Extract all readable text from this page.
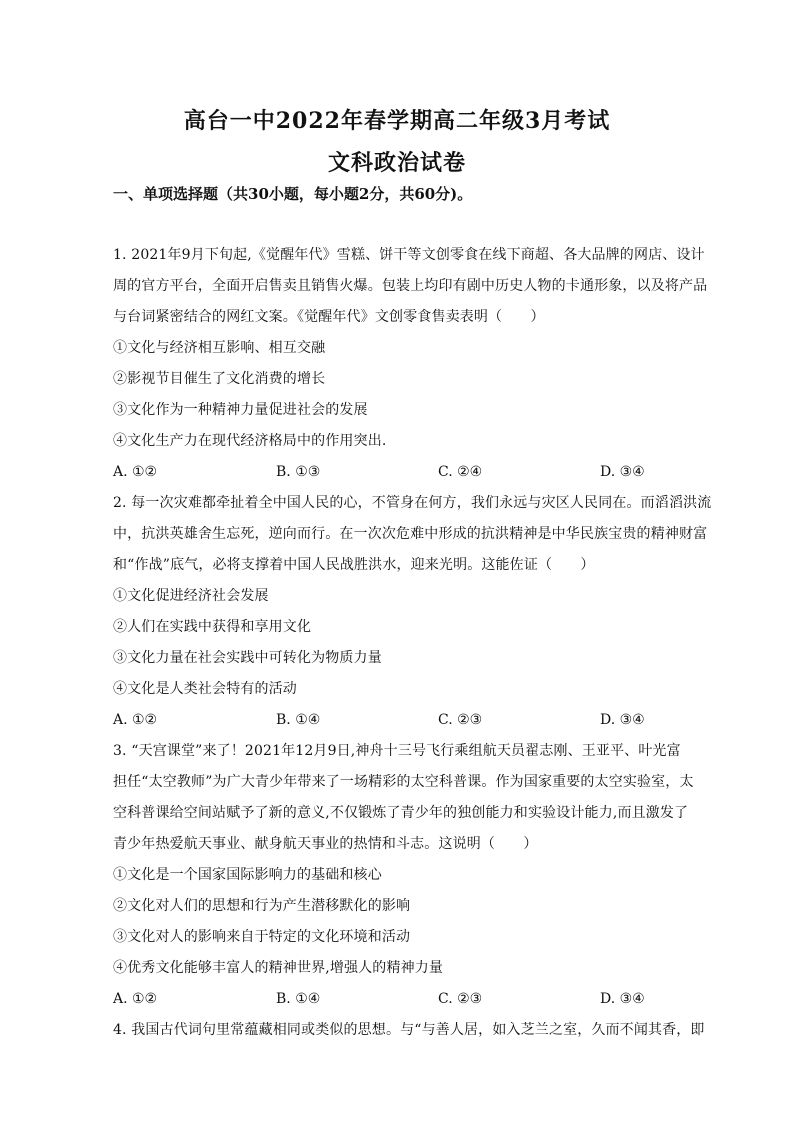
高台一中2022年春学期高二年级3月考试
文科政治试卷
一、单项选择题（共30小题，每小题2分，共60分)。
1. 2021年9月下旬起,《觉醒年代》雪糕、饼干等文创零食在线下商超、各大品牌的网店、设计
周的官方平台，全面开启售卖且销售火爆。包装上均印有剧中历史人物的卡通形象，以及将产品
与台词紧密结合的网红文案。《觉醒年代》文创零食售卖表明（　　）
①文化与经济相互影响、相互交融
②影视节目催生了文化消费的增长
③文化作为一种精神力量促进社会的发展
④文化生产力在现代经济格局中的作用突出.
A. ①②	B. ①③	C. ②④	D. ③④
2. 每一次灾难都牵扯着全中国人民的心，不管身在何方，我们永远与灾区人民同在。而滔滔洪流
中，抗洪英雄舍生忘死，逆向而行。在一次次危难中形成的抗洪精神是中华民族宝贵的精神财富
和“作战”底气，必将支撑着中国人民战胜洪水，迎来光明。这能佐证（　　）
①文化促进经济社会发展
②人们在实践中获得和享用文化
③文化力量在社会实践中可转化为物质力量
④文化是人类社会特有的活动
A. ①②	B. ①④	C. ②③	D. ③④
3. “天宫课堂”来了！2021年12月9日,神舟十三号飞行乘组航天员翟志刚、王亚平、叶光富
担任“太空教师”为广大青少年带来了一场精彩的太空科普课。作为国家重要的太空实验室，太
空科普课给空间站赋予了新的意义,不仅锻炼了青少年的独创能力和实验设计能力,而且激发了
青少年热爱航天事业、献身航天事业的热情和斗志。这说明（　　）
①文化是一个国家国际影响力的基础和核心
②文化对人们的思想和行为产生潜移默化的影响
③文化对人的影响来自于特定的文化环境和活动
④优秀文化能够丰富人的精神世界,增强人的精神力量
A. ①②	B. ①④	C. ②③	D. ③④
4. 我国古代词句里常蕴藏相同或类似的思想。与“与善人居，如入芝兰之室，久而不闻其香，即
